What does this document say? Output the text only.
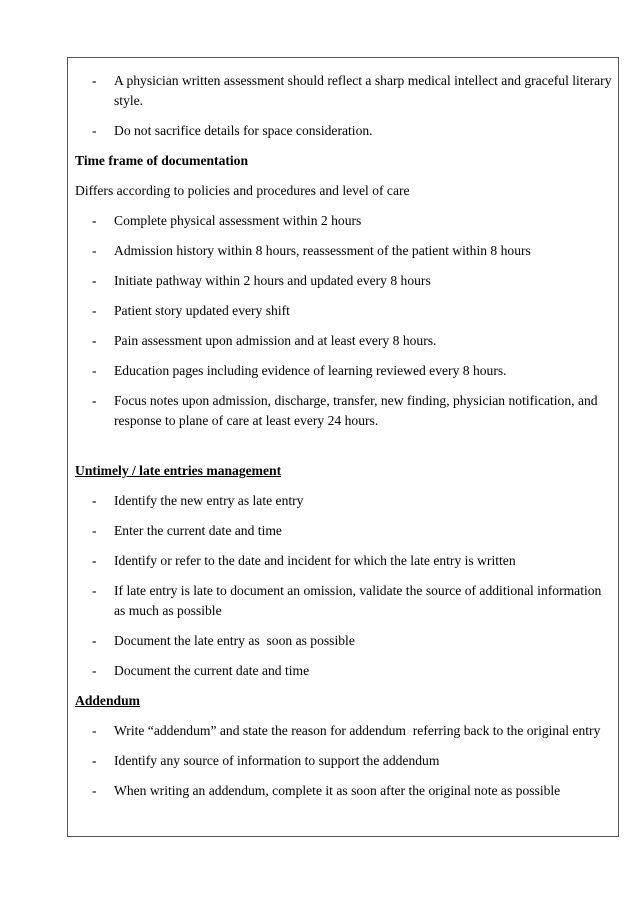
- A physician written assessment should reflect a sharp medical intellect and graceful literary style.
- Do not sacrifice details for space consideration.
Time frame of documentation
Differs according to policies and procedures and level of care
- Complete physical assessment within 2 hours
- Admission history within 8 hours, reassessment of the patient within 8 hours
- Initiate pathway within 2 hours and updated every 8 hours
- Patient story updated every shift
- Pain assessment upon admission and at least every 8 hours.
- Education pages including evidence of learning reviewed every 8 hours.
- Focus notes upon admission, discharge, transfer, new finding, physician notification, and response to plane of care at least every 24 hours.
Untimely / late entries management
- Identify the new entry as late entry
- Enter the current date and time
- Identify or refer to the date and incident for which the late entry is written
- If late entry is late to document an omission, validate the source of additional information as much as possible
- Document the late entry as  soon as possible
- Document the current date and time
Addendum
- Write “addendum” and state the reason for addendum  referring back to the original entry
- Identify any source of information to support the addendum
- When writing an addendum, complete it as soon after the original note as possible
